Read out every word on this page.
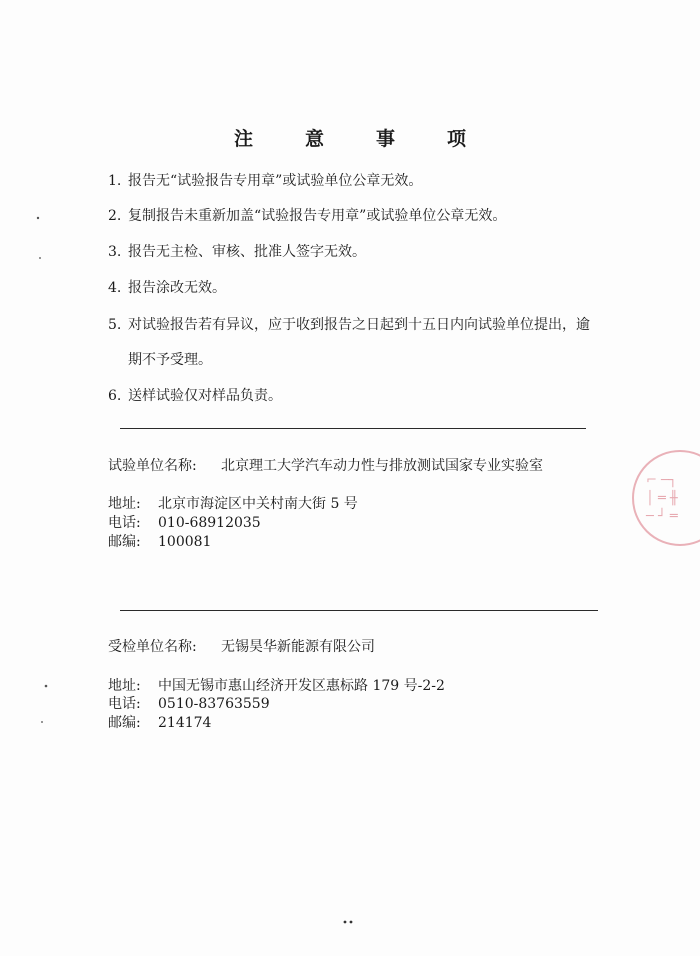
注	意	事	项
1. 报告无“试验报告专用章”或试验单位公章无效。
2. 复制报告未重新加盖“试验报告专用章”或试验单位公章无效。
3. 报告无主检、审核、批准人签字无效。
4. 报告涂改无效。
5. 对试验报告若有异议，应于收到报告之日起到十五日内向试验单位提出，逾
期不予受理。
6. 送样试验仅对样品负责。
试验单位名称: 北京理工大学汽车动力性与排放测试国家专业实验室
地址: 北京市海淀区中关村南大街 5 号
电话: 010-68912035
邮编: 100081
受检单位名称: 无锡昊华新能源有限公司
地址: 中国无锡市惠山经济开发区惠标路 179 号-2-2
电话: 0510-83763559
邮编: 214174
⌐ ─┐
│ ═ ╫
─ ┘ ═
